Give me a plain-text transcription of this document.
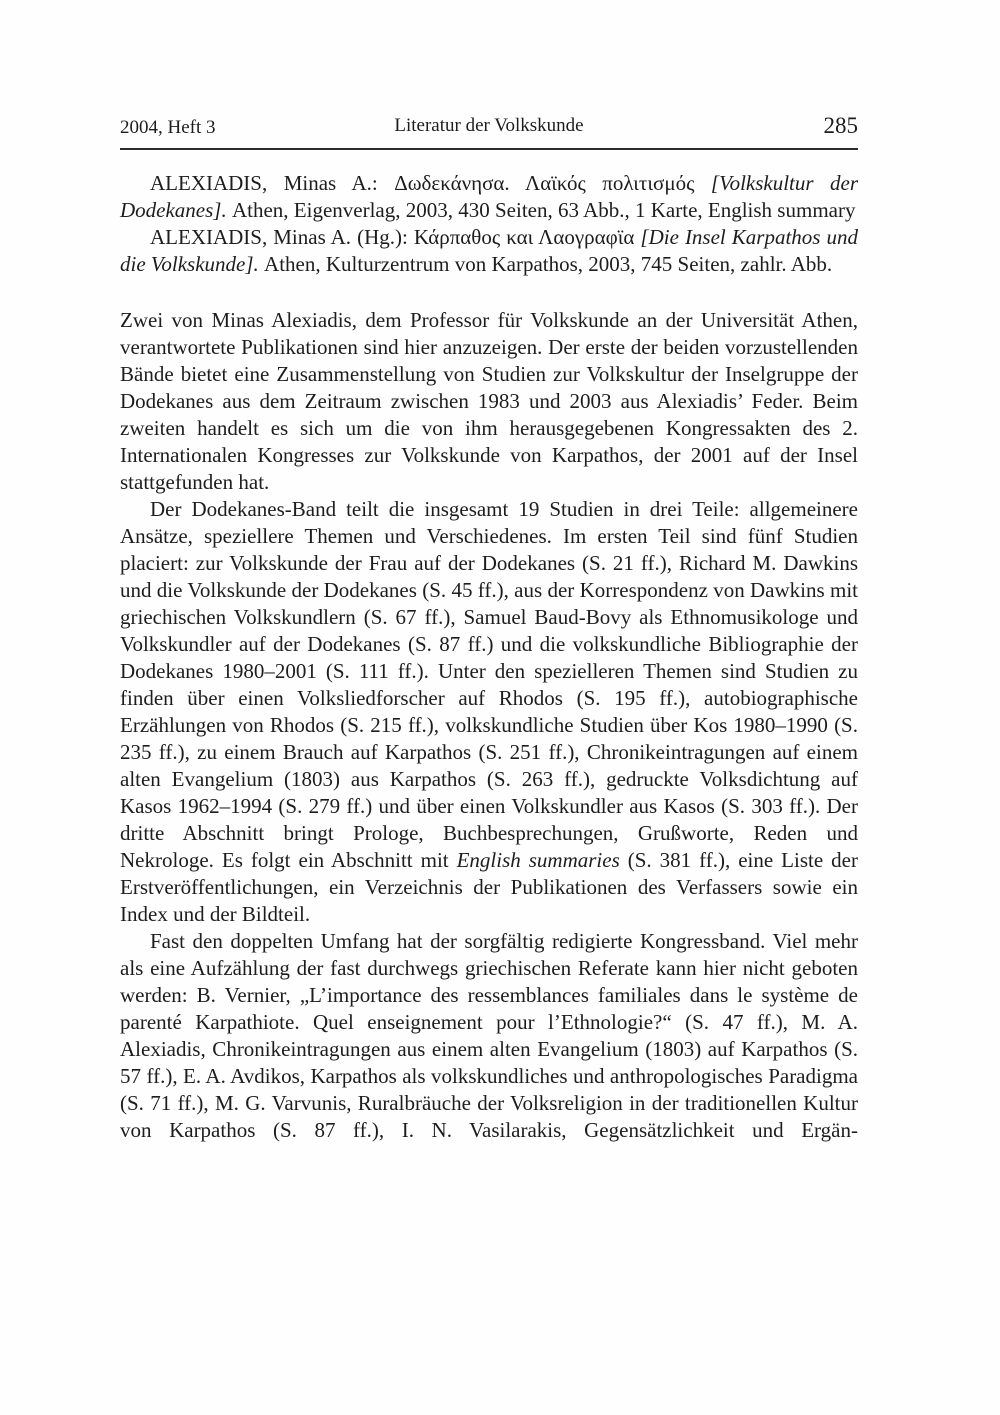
2004, Heft 3	Literatur der Volkskunde	285

ALEXIADIS, Minas A.: Δωδεκάνησα. Λαϊκός πολιτισμός [Volkskultur der Dodekanes]. Athen, Eigenverlag, 2003, 430 Seiten, 63 Abb., 1 Karte, English summary

ALEXIADIS, Minas A. (Hg.): Κάρπαθος και Λαογραφϊα [Die Insel Karpathos und die Volkskunde]. Athen, Kulturzentrum von Karpathos, 2003, 745 Seiten, zahlr. Abb.

Zwei von Minas Alexiadis, dem Professor für Volkskunde an der Universität Athen, verantwortete Publikationen sind hier anzuzeigen. Der erste der beiden vorzustellenden Bände bietet eine Zusammenstellung von Studien zur Volkskultur der Inselgruppe der Dodekanes aus dem Zeitraum zwischen 1983 und 2003 aus Alexiadis’ Feder. Beim zweiten handelt es sich um die von ihm herausgegebenen Kongressakten des 2. Internationalen Kongresses zur Volkskunde von Karpathos, der 2001 auf der Insel stattgefunden hat.

Der Dodekanes-Band teilt die insgesamt 19 Studien in drei Teile: allgemeinere Ansätze, speziellere Themen und Verschiedenes. Im ersten Teil sind fünf Studien placiert: zur Volkskunde der Frau auf der Dodekanes (S. 21 ff.), Richard M. Dawkins und die Volkskunde der Dodekanes (S. 45 ff.), aus der Korrespondenz von Dawkins mit griechischen Volkskundlern (S. 67 ff.), Samuel Baud-Bovy als Ethnomusikologe und Volkskundler auf der Dodekanes (S. 87 ff.) und die volkskundliche Bibliographie der Dodekanes 1980–2001 (S. 111 ff.). Unter den spezielleren Themen sind Studien zu finden über einen Volksliedforscher auf Rhodos (S. 195 ff.), autobiographische Erzählungen von Rhodos (S. 215 ff.), volkskundliche Studien über Kos 1980–1990 (S. 235 ff.), zu einem Brauch auf Karpathos (S. 251 ff.), Chronikeintragungen auf einem alten Evangelium (1803) aus Karpathos (S. 263 ff.), gedruckte Volksdichtung auf Kasos 1962–1994 (S. 279 ff.) und über einen Volkskundler aus Kasos (S. 303 ff.). Der dritte Abschnitt bringt Prologe, Buchbesprechungen, Grußworte, Reden und Nekrologe. Es folgt ein Abschnitt mit English summaries (S. 381 ff.), eine Liste der Erstveröffentlichungen, ein Verzeichnis der Publikationen des Verfassers sowie ein Index und der Bildteil.

Fast den doppelten Umfang hat der sorgfältig redigierte Kongressband. Viel mehr als eine Aufzählung der fast durchwegs griechischen Referate kann hier nicht geboten werden: B. Vernier, „L’importance des ressemblances familiales dans le système de parenté Karpathiote. Quel enseignement pour l’Ethnologie?“ (S. 47 ff.), M. A. Alexiadis, Chronikeintragungen aus einem alten Evangelium (1803) auf Karpathos (S. 57 ff.), E. A. Avdikos, Karpathos als volkskundliches und anthropologisches Paradigma (S. 71 ff.), M. G. Varvunis, Ruralbräuche der Volksreligion in der traditionellen Kultur von Karpathos (S. 87 ff.), I. N. Vasilarakis, Gegensätzlichkeit und Ergän-
